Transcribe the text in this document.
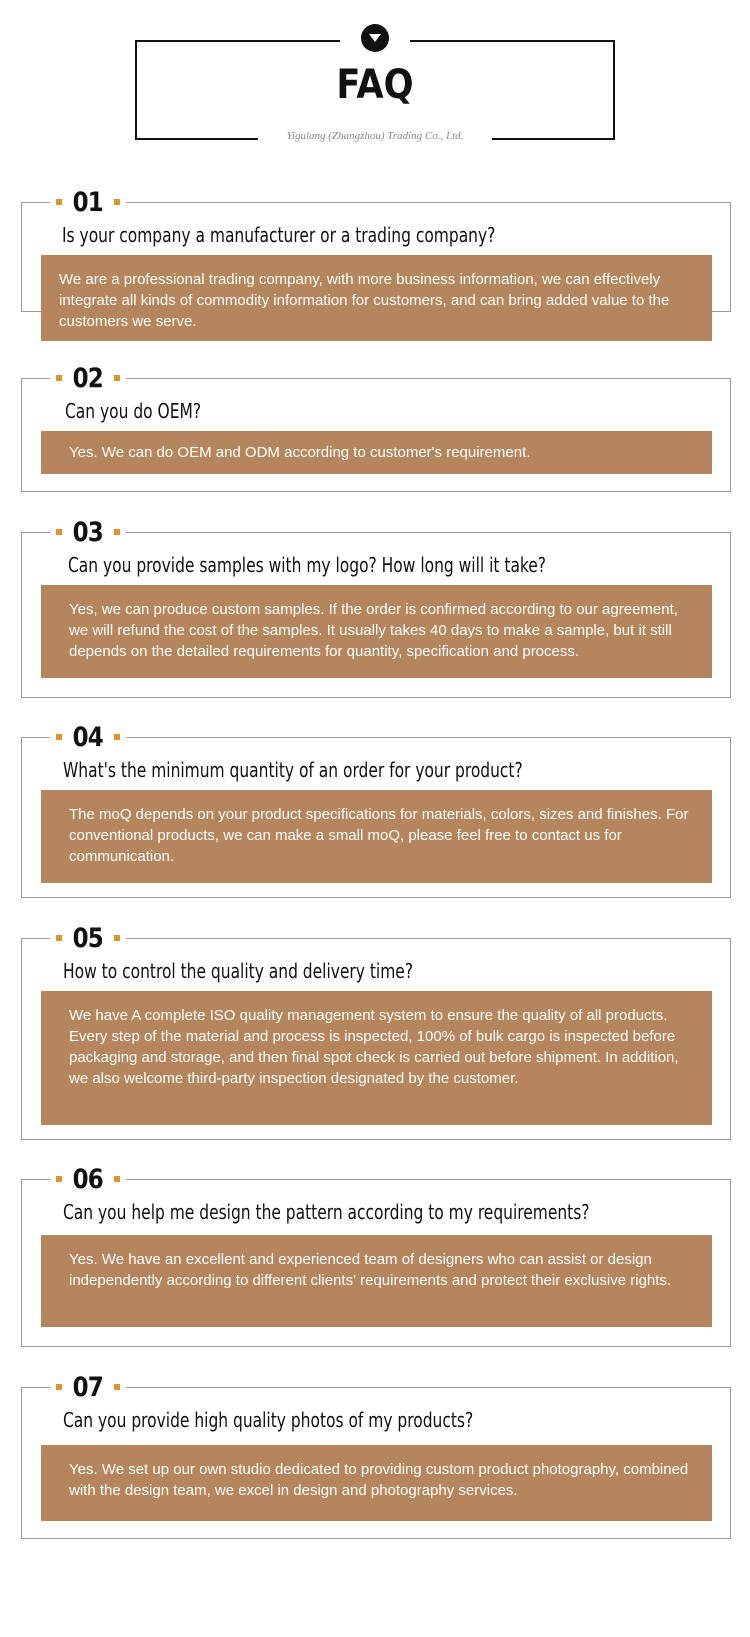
FAQ
Yigulang (Zhangzhou) Trading Co., Ltd.
01
Is your company a manufacturer or a trading company?

We are a professional trading company, with more business information, we can effectively integrate all kinds of commodity information for customers, and can bring added value to the customers we serve.

02
Can you do OEM?

Yes. We can do OEM and ODM according to customer's requirement.

03
Can you provide samples with my logo? How long will it take?

Yes, we can produce custom samples. If the order is confirmed according to our agreement, we will refund the cost of the samples. It usually takes 40 days to make a sample, but it still depends on the detailed requirements for quantity, specification and process.

04
What's the minimum quantity of an order for your product?

The moQ depends on your product specifications for materials, colors, sizes and finishes. For conventional products, we can make a small moQ, please feel free to contact us for communication.

05
How to control the quality and delivery time?

We have A complete ISO quality management system to ensure the quality of all products. Every step of the material and process is inspected, 100% of bulk cargo is inspected before packaging and storage, and then final spot check is carried out before shipment. In addition, we also welcome third-party inspection designated by the customer.

06
Can you help me design the pattern according to my requirements?

Yes. We have an excellent and experienced team of designers who can assist or design independently according to different clients' requirements and protect their exclusive rights.

07
Can you provide high quality photos of my products?

Yes. We set up our own studio dedicated to providing custom product photography, combined with the design team, we excel in design and photography services.
